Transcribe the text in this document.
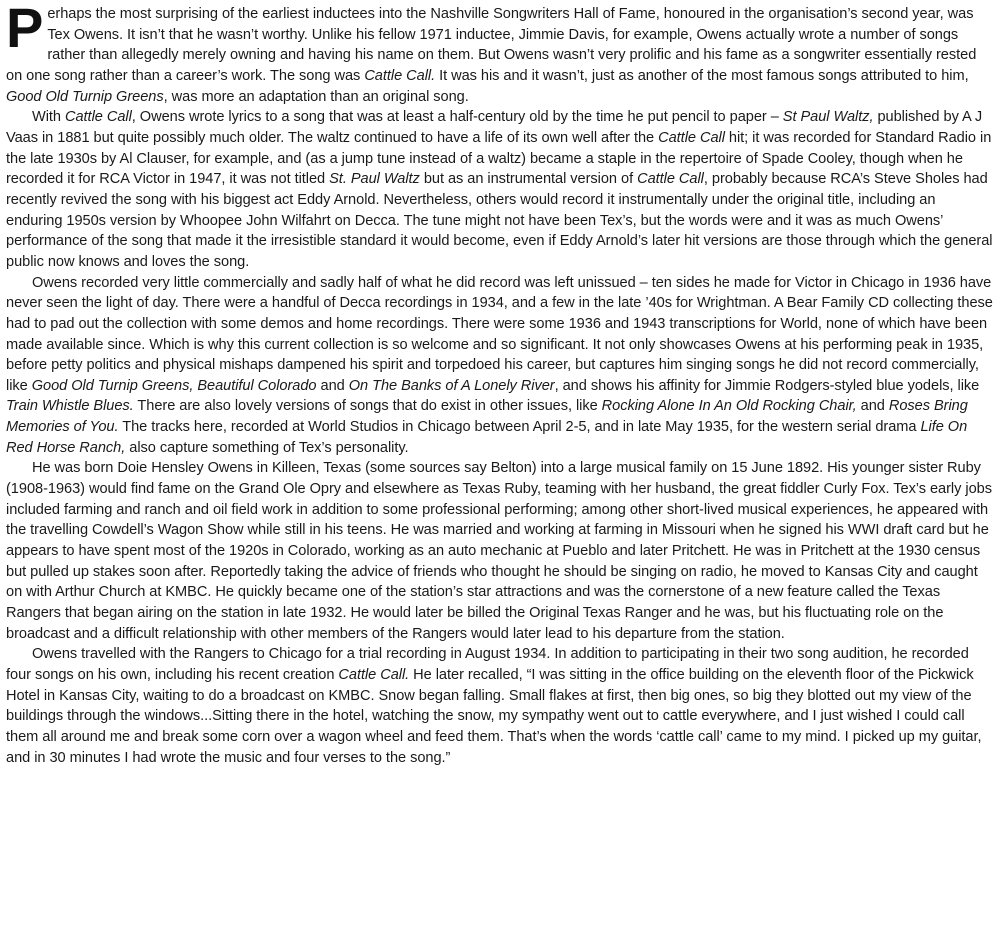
P erhaps the most surprising of the earliest inductees into the Nashville Songwriters Hall of Fame, honoured in the organisation’s second year, was Tex Owens. It isn’t that he wasn’t worthy. Unlike his fellow 1971 inductee, Jimmie Davis, for example, Owens actually wrote a number of songs rather than allegedly merely owning and having his name on them. But Owens wasn’t very prolific and his fame as a songwriter essentially rested on one song rather than a career’s work. The song was Cattle Call. It was his and it wasn’t, just as another of the most famous songs attributed to him, Good Old Turnip Greens, was more an adaptation than an original song.

With Cattle Call, Owens wrote lyrics to a song that was at least a half-century old by the time he put pencil to paper – St Paul Waltz, published by A J Vaas in 1881 but quite possibly much older. The waltz continued to have a life of its own well after the Cattle Call hit; it was recorded for Standard Radio in the late 1930s by Al Clauser, for example, and (as a jump tune instead of a waltz) became a staple in the repertoire of Spade Cooley, though when he recorded it for RCA Victor in 1947, it was not titled St. Paul Waltz but as an instrumental version of Cattle Call, probably because RCA’s Steve Sholes had recently revived the song with his biggest act Eddy Arnold. Nevertheless, others would record it instrumentally under the original title, including an enduring 1950s version by Whoopee John Wilfahrt on Decca. The tune might not have been Tex’s, but the words were and it was as much Owens’ performance of the song that made it the irresistible standard it would become, even if Eddy Arnold’s later hit versions are those through which the general public now knows and loves the song.

Owens recorded very little commercially and sadly half of what he did record was left unissued – ten sides he made for Victor in Chicago in 1936 have never seen the light of day. There were a handful of Decca recordings in 1934, and a few in the late ’40s for Wrightman. A Bear Family CD collecting these had to pad out the collection with some demos and home recordings. There were some 1936 and 1943 transcriptions for World, none of which have been made available since. Which is why this current collection is so welcome and so significant. It not only showcases Owens at his performing peak in 1935, before petty politics and physical mishaps dampened his spirit and torpedoed his career, but captures him singing songs he did not record commercially, like Good Old Turnip Greens, Beautiful Colorado and On The Banks of A Lonely River, and shows his affinity for Jimmie Rodgers-styled blue yodels, like Train Whistle Blues. There are also lovely versions of songs that do exist in other issues, like Rocking Alone In An Old Rocking Chair, and Roses Bring Memories of You. The tracks here, recorded at World Studios in Chicago between April 2-5, and in late May 1935, for the western serial drama Life On Red Horse Ranch, also capture something of Tex’s personality.

He was born Doie Hensley Owens in Killeen, Texas (some sources say Belton) into a large musical family on 15 June 1892. His younger sister Ruby (1908-1963) would find fame on the Grand Ole Opry and elsewhere as Texas Ruby, teaming with her husband, the great fiddler Curly Fox. Tex’s early jobs included farming and ranch and oil field work in addition to some professional performing; among other short-lived musical experiences, he appeared with the travelling Cowdell’s Wagon Show while still in his teens. He was married and working at farming in Missouri when he signed his WWI draft card but he appears to have spent most of the 1920s in Colorado, working as an auto mechanic at Pueblo and later Pritchett. He was in Pritchett at the 1930 census but pulled up stakes soon after. Reportedly taking the advice of friends who thought he should be singing on radio, he moved to Kansas City and caught on with Arthur Church at KMBC. He quickly became one of the station’s star attractions and was the cornerstone of a new feature called the Texas Rangers that began airing on the station in late 1932. He would later be billed the Original Texas Ranger and he was, but his fluctuating role on the broadcast and a difficult relationship with other members of the Rangers would later lead to his departure from the station.

Owens travelled with the Rangers to Chicago for a trial recording in August 1934. In addition to participating in their two song audition, he recorded four songs on his own, including his recent creation Cattle Call. He later recalled, “I was sitting in the office building on the eleventh floor of the Pickwick Hotel in Kansas City, waiting to do a broadcast on KMBC. Snow began falling. Small flakes at first, then big ones, so big they blotted out my view of the buildings through the windows...Sitting there in the hotel, watching the snow, my sympathy went out to cattle everywhere, and I just wished I could call them all around me and break some corn over a wagon wheel and feed them. That’s when the words ‘cattle call’ came to my mind. I picked up my guitar, and in 30 minutes I had wrote the music and four verses to the song.”
